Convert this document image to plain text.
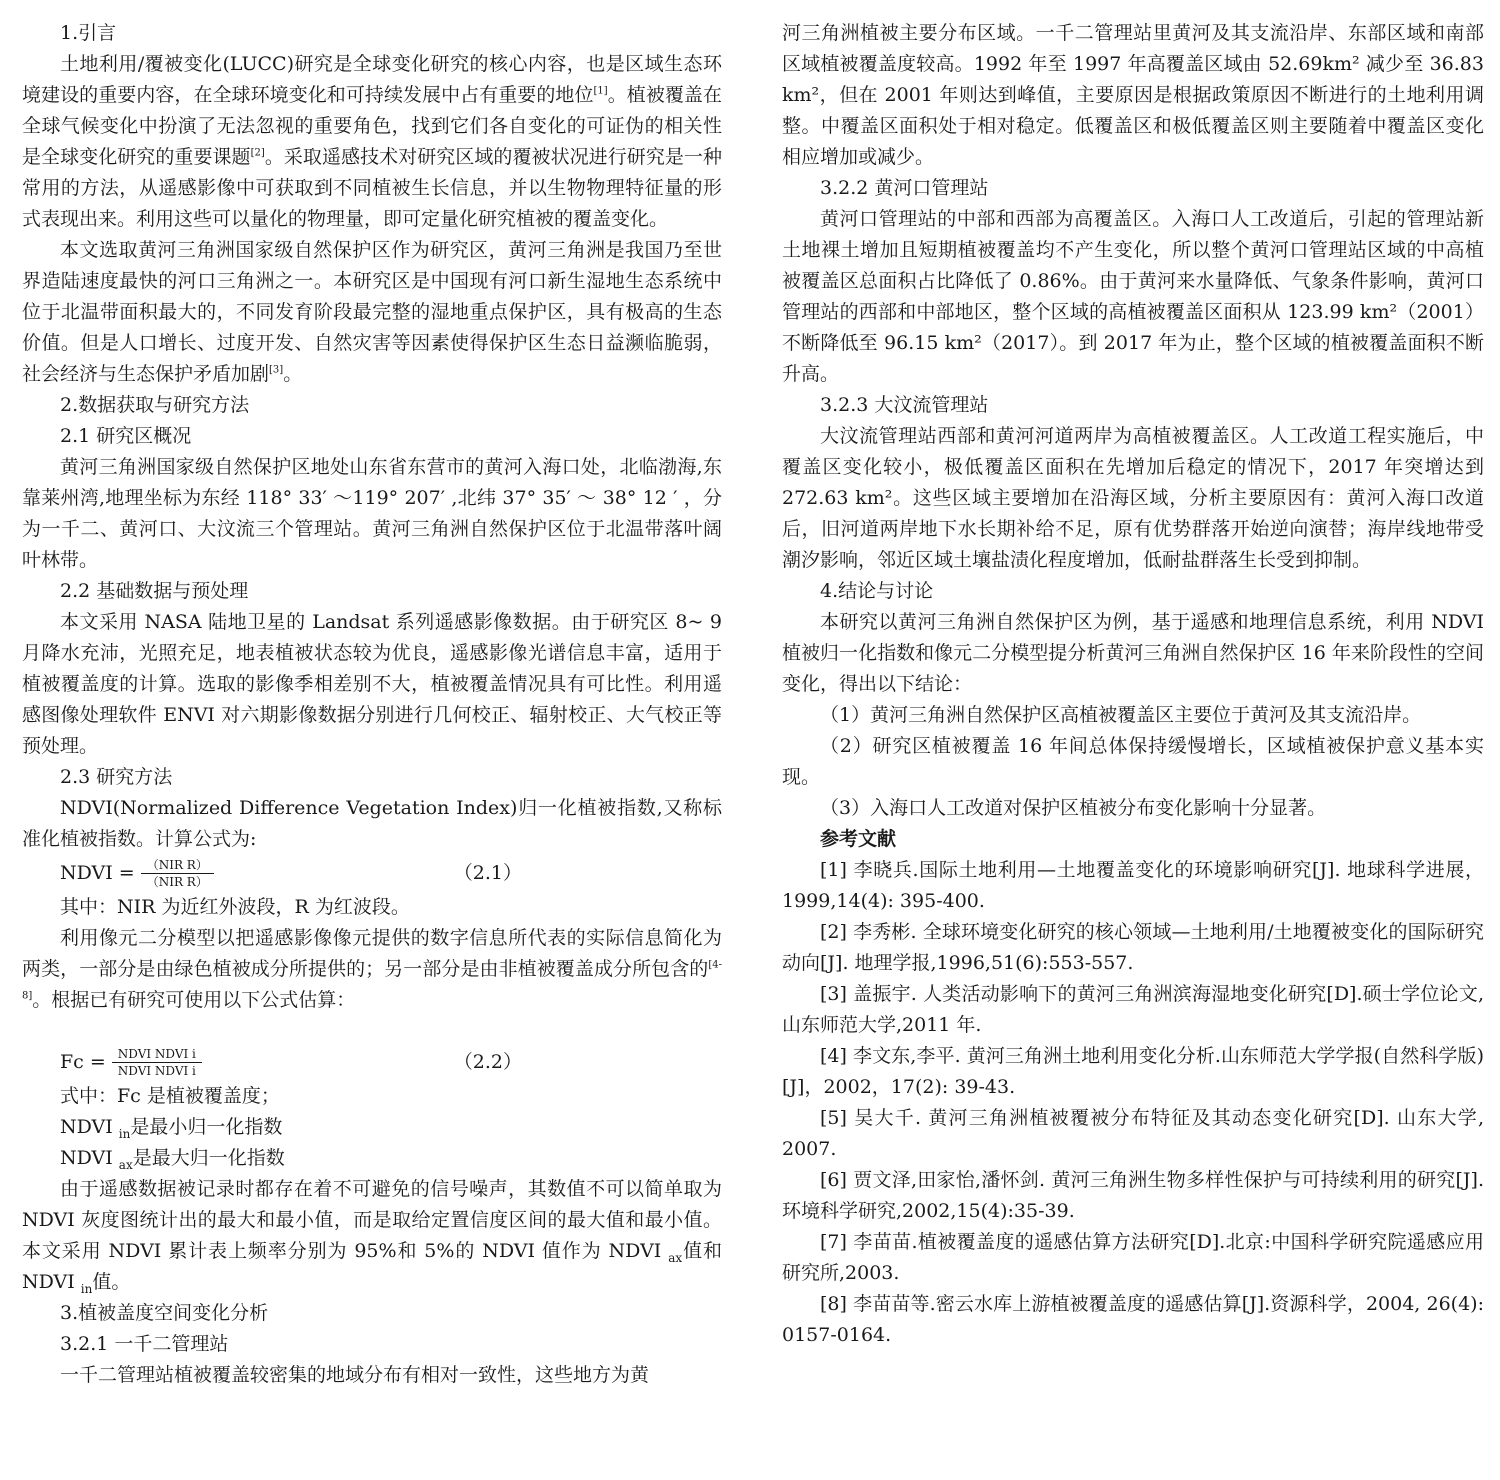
1.引言

土地利用/覆被变化(LUCC)研究是全球变化研究的核心内容，也是区域生态环境建设的重要内容，在全球环境变化和可持续发展中占有重要的地位[1]。植被覆盖在全球气候变化中扮演了无法忽视的重要角色，找到它们各自变化的可证伪的相关性是全球变化研究的重要课题[2]。采取遥感技术对研究区域的覆被状况进行研究是一种常用的方法，从遥感影像中可获取到不同植被生长信息，并以生物物理特征量的形式表现出来。利用这些可以量化的物理量，即可定量化研究植被的覆盖变化。

本文选取黄河三角洲国家级自然保护区作为研究区，黄河三角洲是我国乃至世界造陆速度最快的河口三角洲之一。本研究区是中国现有河口新生湿地生态系统中位于北温带面积最大的，不同发育阶段最完整的湿地重点保护区，具有极高的生态价值。但是人口增长、过度开发、自然灾害等因素使得保护区生态日益濒临脆弱，社会经济与生态保护矛盾加剧[3]。

2.数据获取与研究方法
2.1 研究区概况

黄河三角洲国家级自然保护区地处山东省东营市的黄河入海口处，北临渤海,东靠莱州湾,地理坐标为东经 118° 33′ ～119° 207′ ,北纬 37° 35′ ～ 38° 12 ′ ，分为一千二、黄河口、大汶流三个管理站。黄河三角洲自然保护区位于北温带落叶阔叶林带。

2.2 基础数据与预处理

本文采用 NASA 陆地卫星的 Landsat 系列遥感影像数据。由于研究区 8~ 9 月降水充沛，光照充足，地表植被状态较为优良，遥感影像光谱信息丰富，适用于植被覆盖度的计算。选取的影像季相差别不大，植被覆盖情况具有可比性。利用遥感图像处理软件 ENVI 对六期影像数据分别进行几何校正、辐射校正、大气校正等预处理。

2.3 研究方法

NDVI(Normalized Difference Vegetation Index)归一化植被指数,又称标准化植被指数。计算公式为:

NDVI = $\frac{\text{（NIR R）}}{\text{（NIR R）}}$	（2.1）

其中：NIR 为近红外波段，R 为红波段。

利用像元二分模型以把遥感影像像元提供的数字信息所代表的实际信息简化为两类，一部分是由绿色植被成分所提供的；另一部分是由非植被覆盖成分所包含的[4-8]。根据已有研究可使用以下公式估算：

$Fc = \frac{\text{NDVI NDVI i}}{\text{NDVI NDVI i}}$	（2.2）

式中：Fc 是植被覆盖度；

NDVI $_{in}$是最小归一化指数

NDVI $_{ax}$是最大归一化指数

由于遥感数据被记录时都存在着不可避免的信号噪声，其数值不可以简单取为 NDVI 灰度图统计出的最大和最小值，而是取给定置信度区间的最大值和最小值。本文采用 NDVI 累计表上频率分别为 95%和 5%的 NDVI 值作为 NDVI $_{ax}$值和NDVI $_{in}$值。

3.植被盖度空间变化分析
3.2.1 一千二管理站

一千二管理站植被覆盖较密集的地域分布有相对一致性，这些地方为黄

河三角洲植被主要分布区域。一千二管理站里黄河及其支流沿岸、东部区域和南部区域植被覆盖度较高。1992 年至 1997 年高覆盖区域由 52.69km² 减少至 36.83 km²，但在 2001 年则达到峰值，主要原因是根据政策原因不断进行的土地利用调整。中覆盖区面积处于相对稳定。低覆盖区和极低覆盖区则主要随着中覆盖区变化相应增加或减少。

3.2.2 黄河口管理站

黄河口管理站的中部和西部为高覆盖区。入海口人工改道后，引起的管理站新土地裸土增加且短期植被覆盖均不产生变化，所以整个黄河口管理站区域的中高植被覆盖区总面积占比降低了 0.86%。由于黄河来水量降低、气象条件影响，黄河口管理站的西部和中部地区，整个区域的高植被覆盖区面积从 123.99 km²（2001）不断降低至 96.15 km²（2017）。到 2017 年为止，整个区域的植被覆盖面积不断升高。

3.2.3 大汶流管理站

大汶流管理站西部和黄河河道两岸为高植被覆盖区。人工改道工程实施后，中覆盖区变化较小，极低覆盖区面积在先增加后稳定的情况下，2017 年突增达到 272.63 km²。这些区域主要增加在沿海区域，分析主要原因有：黄河入海口改道后，旧河道两岸地下水长期补给不足，原有优势群落开始逆向演替；海岸线地带受潮汐影响，邻近区域土壤盐渍化程度增加，低耐盐群落生长受到抑制。

4.结论与讨论

本研究以黄河三角洲自然保护区为例，基于遥感和地理信息系统，利用 NDVI 植被归一化指数和像元二分模型提分析黄河三角洲自然保护区 16 年来阶段性的空间变化，得出以下结论：

（1）黄河三角洲自然保护区高植被覆盖区主要位于黄河及其支流沿岸。

（2）研究区植被覆盖 16 年间总体保持缓慢增长，区域植被保护意义基本实现。

（3）入海口人工改道对保护区植被分布变化影响十分显著。

参考文献

[1] 李晓兵.国际土地利用—土地覆盖变化的环境影响研究[J]. 地球科学进展，1999,14(4): 395-400.

[2] 李秀彬. 全球环境变化研究的核心领域—土地利用/土地覆被变化的国际研究动向[J]. 地理学报,1996,51(6):553-557.

[3] 盖振宇. 人类活动影响下的黄河三角洲滨海湿地变化研究[D].硕士学位论文,山东师范大学,2011 年.

[4] 李文东,李平. 黄河三角洲土地利用变化分析.山东师范大学学报(自然科学版)[J]，2002，17(2): 39-43.

[5] 吴大千. 黄河三角洲植被覆被分布特征及其动态变化研究[D]. 山东大学, 2007.

[6] 贾文泽,田家怡,潘怀剑. 黄河三角洲生物多样性保护与可持续利用的研究[J].环境科学研究,2002,15(4):35-39.

[7] 李苗苗.植被覆盖度的遥感估算方法研究[D].北京:中国科学研究院遥感应用研究所,2003.

[8] 李苗苗等.密云水库上游植被覆盖度的遥感估算[J].资源科学，2004, 26(4): 0157-0164.
